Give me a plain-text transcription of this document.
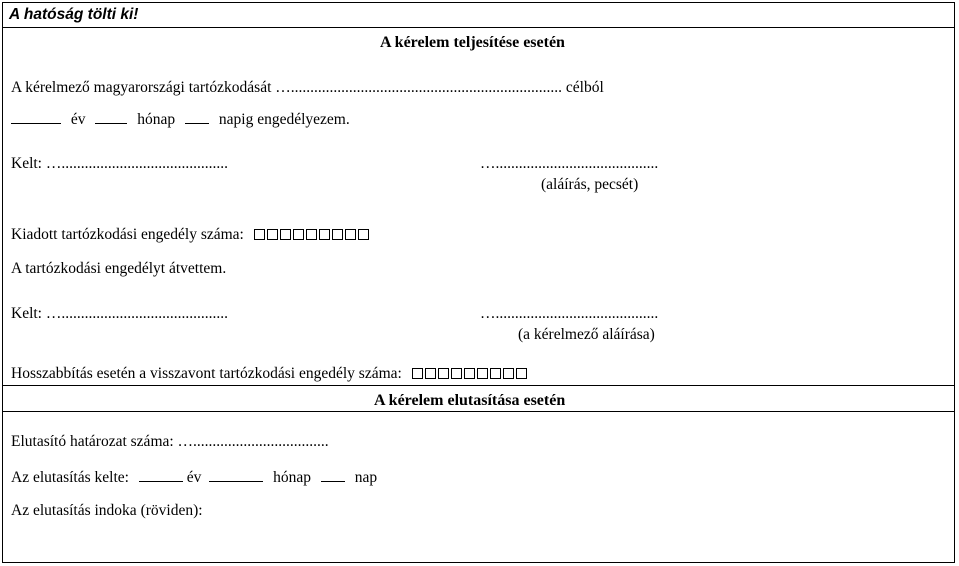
A hatóság tölti ki!
A kérelem teljesítése esetén
A kérelmező magyarországi tartózkodását …...................................................................... célból
év	hónap	napig engedélyezem.
Kelt: …...........................................	…..........................................
(aláírás, pecsét)
Kiadott tartózkodási engedély száma:
A tartózkodási engedélyt átvettem.
Kelt: …...........................................	…..........................................
(a kérelmező aláírása)
Hosszabbítás esetén a visszavont tartózkodási engedély száma:
A kérelem elutasítása esetén
Elutasító határozat száma: …...................................
Az elutasítás kelte:	év	hónap	nap
Az elutasítás indoka (röviden):
